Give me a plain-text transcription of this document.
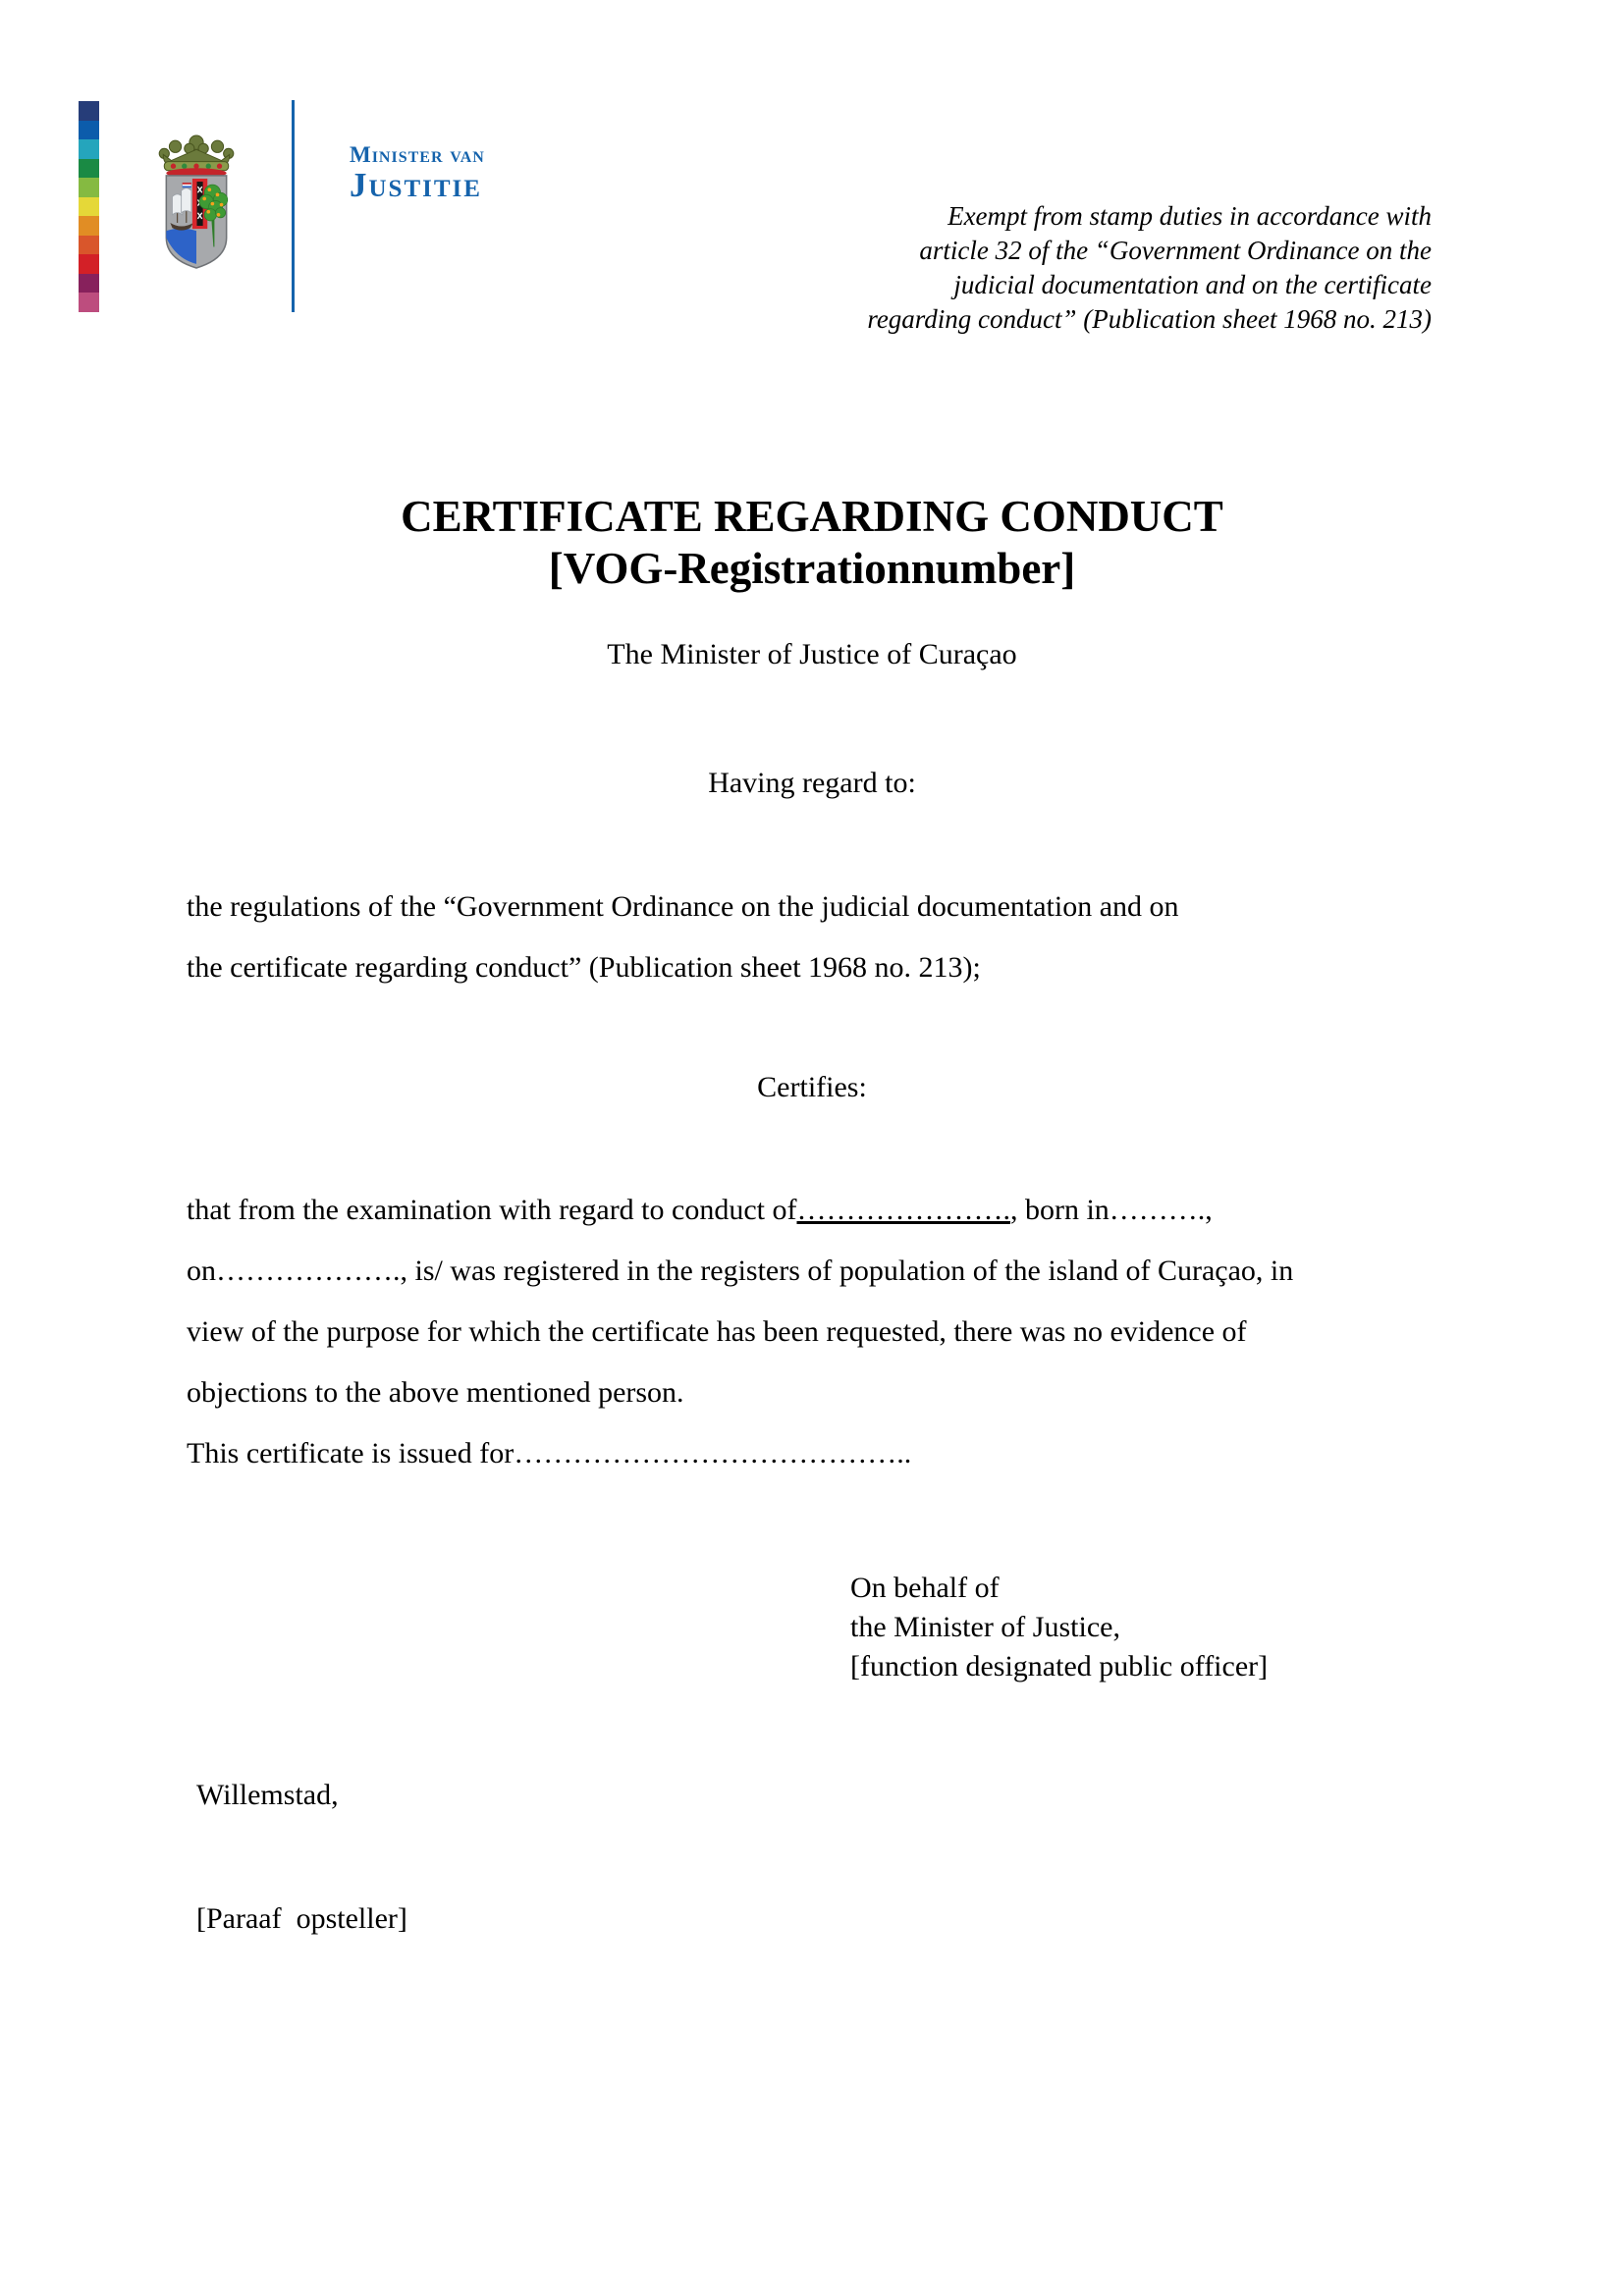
Minister van
Justitie
Exempt from stamp duties in accordance with
article 32 of the “Government Ordinance on the
judicial documentation and on the certificate
regarding conduct” (Publication sheet 1968 no. 213)
CERTIFICATE REGARDING CONDUCT
[VOG-Registrationnumber]
The Minister of Justice of Curaçao
Having regard to:
the regulations of the “Government Ordinance on the judicial documentation and on
the certificate regarding conduct” (Publication sheet 1968 no. 213);
Certifies:
that from the examination with regard to conduct of…………………., born in……….,
on………………., is/ was registered in the registers of population of the island of Curaçao, in
view of the purpose for which the certificate has been requested, there was no evidence of
objections to the above mentioned person.
This certificate is issued for…………………………………..
On behalf of
the Minister of Justice,
[function designated public officer]
Willemstad,
[Paraaf  opsteller]
